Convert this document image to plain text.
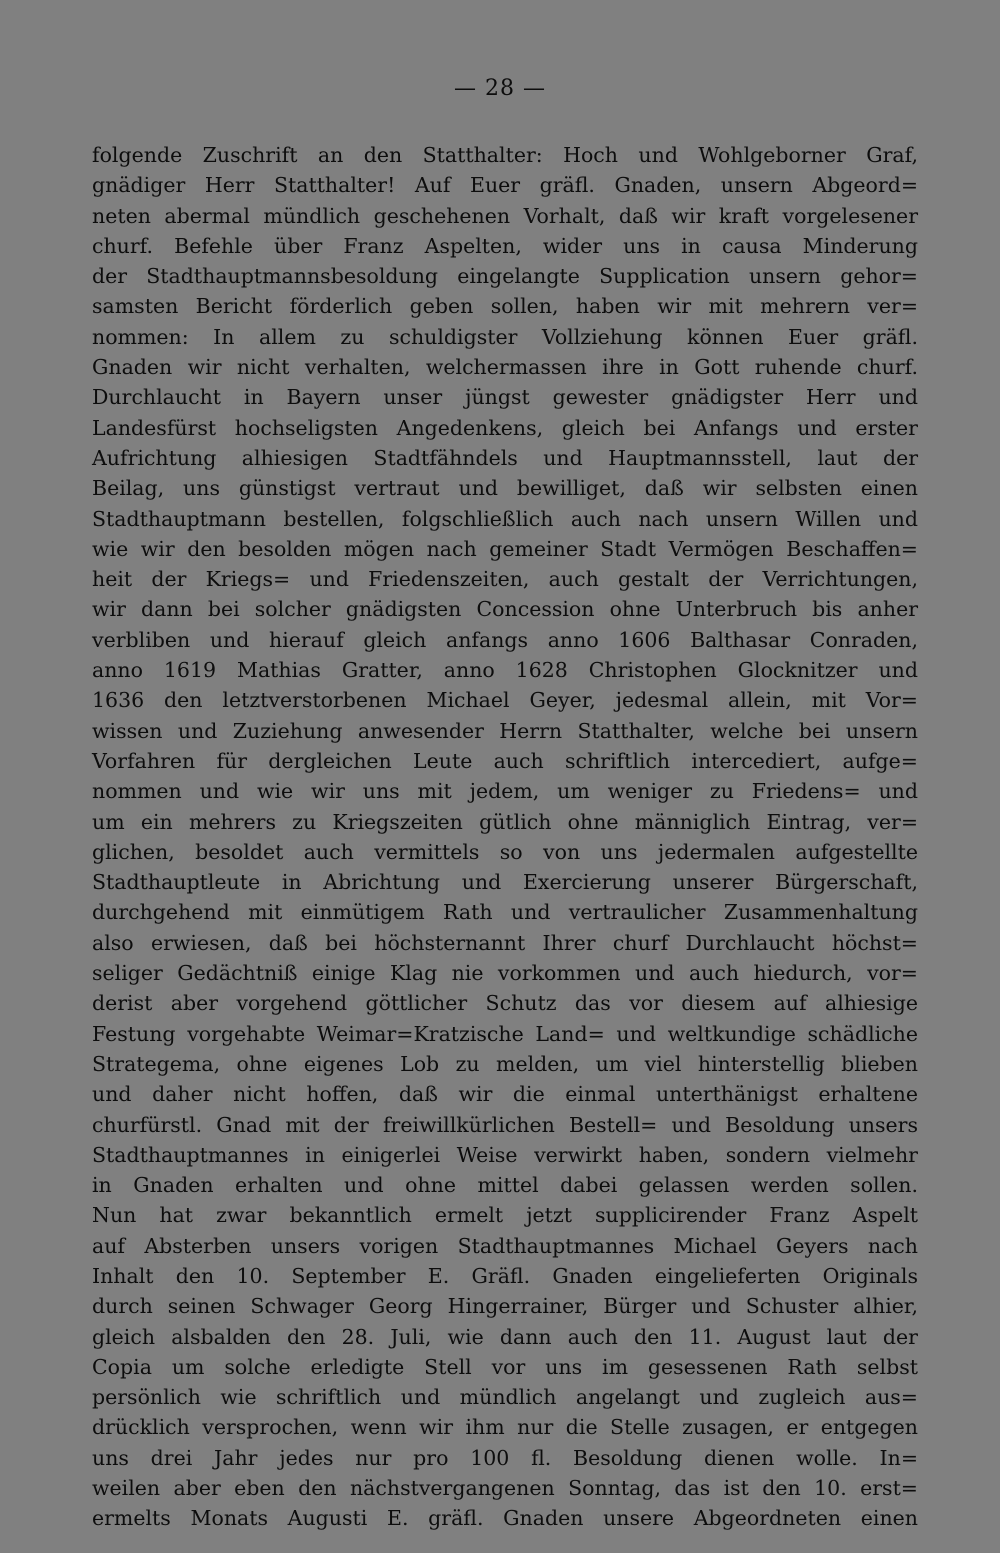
— 28 —
folgende Zuschrift an den Statthalter: Hoch und Wohlgeborner Graf,
gnädiger Herr Statthalter! Auf Euer gräfl. Gnaden, unsern Abgeord=
neten abermal mündlich geschehenen Vorhalt, daß wir kraft vorgelesener
churf. Befehle über Franz Aspelten, wider uns in causa Minderung
der Stadthauptmannsbesoldung eingelangte Supplication unsern gehor=
samsten Bericht förderlich geben sollen, haben wir mit mehrern ver=
nommen: In allem zu schuldigster Vollziehung können Euer gräfl.
Gnaden wir nicht verhalten, welchermassen ihre in Gott ruhende churf.
Durchlaucht in Bayern unser jüngst gewester gnädigster Herr und
Landesfürst hochseligsten Angedenkens, gleich bei Anfangs und erster
Aufrichtung alhiesigen Stadtfähndels und Hauptmannsstell, laut der
Beilag, uns günstigst vertraut und bewilliget, daß wir selbsten einen
Stadthauptmann bestellen, folgschließlich auch nach unsern Willen und
wie wir den besolden mögen nach gemeiner Stadt Vermögen Beschaffen=
heit der Kriegs= und Friedenszeiten, auch gestalt der Verrichtungen,
wir dann bei solcher gnädigsten Concession ohne Unterbruch bis anher
verbliben und hierauf gleich anfangs anno 1606 Balthasar Conraden,
anno 1619 Mathias Gratter, anno 1628 Christophen Glocknitzer und
1636 den letztverstorbenen Michael Geyer, jedesmal allein, mit Vor=
wissen und Zuziehung anwesender Herrn Statthalter, welche bei unsern
Vorfahren für dergleichen Leute auch schriftlich intercediert, aufge=
nommen und wie wir uns mit jedem, um weniger zu Friedens= und
um ein mehrers zu Kriegszeiten gütlich ohne männiglich Eintrag, ver=
glichen, besoldet auch vermittels so von uns jedermalen aufgestellte
Stadthauptleute in Abrichtung und Exercierung unserer Bürgerschaft,
durchgehend mit einmütigem Rath und vertraulicher Zusammenhaltung
also erwiesen, daß bei höchsternannt Ihrer churf Durchlaucht höchst=
seliger Gedächtniß einige Klag nie vorkommen und auch hiedurch, vor=
derist aber vorgehend göttlicher Schutz das vor diesem auf alhiesige
Festung vorgehabte Weimar=Kratzische Land= und weltkundige schädliche
Strategema, ohne eigenes Lob zu melden, um viel hinterstellig blieben
und daher nicht hoffen, daß wir die einmal unterthänigst erhaltene
churfürstl. Gnad mit der freiwillkürlichen Bestell= und Besoldung unsers
Stadthauptmannes in einigerlei Weise verwirkt haben, sondern vielmehr
in Gnaden erhalten und ohne mittel dabei gelassen werden sollen.
Nun hat zwar bekanntlich ermelt jetzt supplicirender Franz Aspelt
auf Absterben unsers vorigen Stadthauptmannes Michael Geyers nach
Inhalt den 10. September E. Gräfl. Gnaden eingelieferten Originals
durch seinen Schwager Georg Hingerrainer, Bürger und Schuster alhier,
gleich alsbalden den 28. Juli, wie dann auch den 11. August laut der
Copia um solche erledigte Stell vor uns im gesessenen Rath selbst
persönlich wie schriftlich und mündlich angelangt und zugleich aus=
drücklich versprochen, wenn wir ihm nur die Stelle zusagen, er entgegen
uns drei Jahr jedes nur pro 100 fl. Besoldung dienen wolle. In=
weilen aber eben den nächstvergangenen Sonntag, das ist den 10. erst=
ermelts Monats Augusti E. gräfl. Gnaden unsere Abgeordneten einen
